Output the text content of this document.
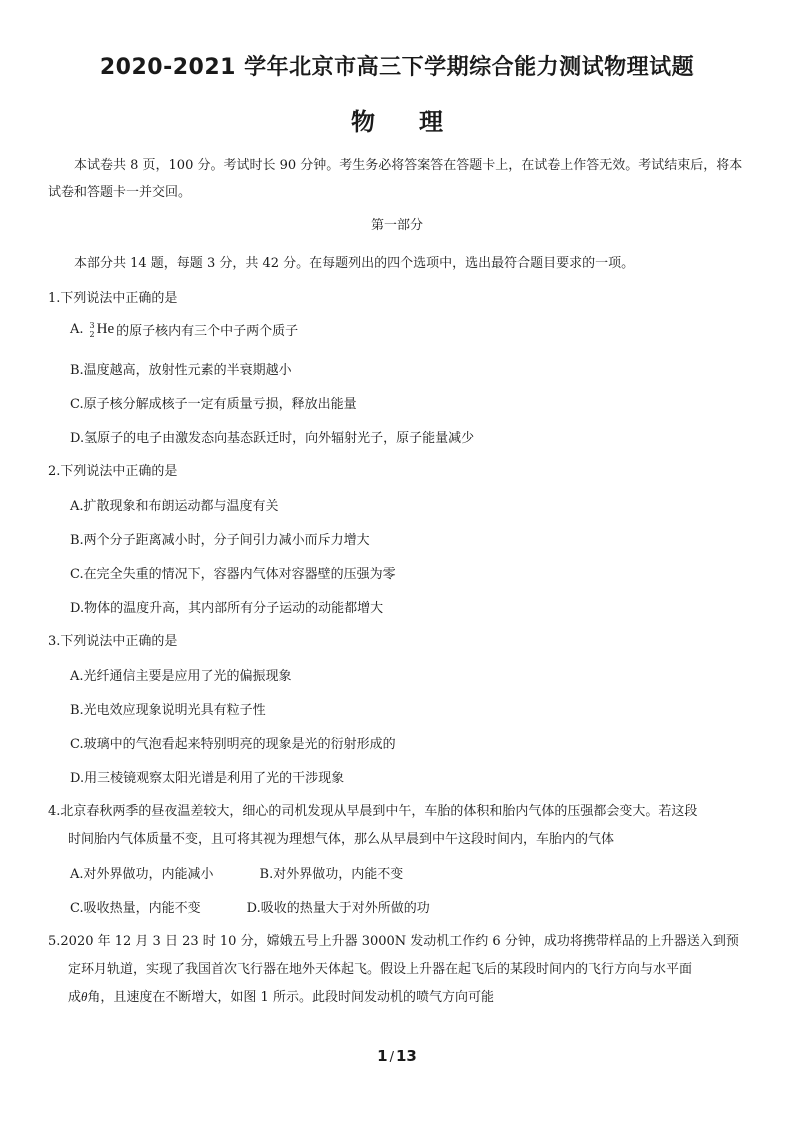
2020-2021 学年北京市高三下学期综合能力测试物理试题
物 理
本试卷共 8 页，100 分。考试时长 90 分钟。考生务必将答案答在答题卡上，在试卷上作答无效。考试结束后，将本试卷和答题卡一并交回。
第一部分
本部分共 14 题，每题 3 分，共 42 分。在每题列出的四个选项中，选出最符合题目要求的一项。
1.下列说法中正确的是
A. 3
2 He 的原子核内有三个中子两个质子
B.温度越高，放射性元素的半衰期越小
C.原子核分解成核子一定有质量亏损，释放出能量
D.氢原子的电子由激发态向基态跃迁时，向外辐射光子，原子能量减少
2.下列说法中正确的是
A.扩散现象和布朗运动都与温度有关
B.两个分子距离减小时，分子间引力减小而斥力增大
C.在完全失重的情况下，容器内气体对容器壁的压强为零
D.物体的温度升高，其内部所有分子运动的动能都增大
3.下列说法中正确的是
A.光纤通信主要是应用了光的偏振现象
B.光电效应现象说明光具有粒子性
C.玻璃中的气泡看起来特别明亮的现象是光的衍射形成的
D.用三棱镜观察太阳光谱是利用了光的干涉现象
4.北京春秋两季的昼夜温差较大，细心的司机发现从早晨到中午，车胎的体积和胎内气体的压强都会变大。若这段
时间胎内气体质量不变，且可将其视为理想气体，那么从早晨到中午这段时间内，车胎内的气体
A.对外界做功，内能减小	B.对外界做功，内能不变
C.吸收热量，内能不变	D.吸收的热量大于对外所做的功
5.2020 年 12 月 3 日 23 时 10 分，嫦娥五号上升器 3000N 发动机工作约 6 分钟，成功将携带样品的上升器送入到预
定环月轨道，实现了我国首次飞行器在地外天体起飞。假设上升器在起飞后的某段时间内的飞行方向与水平面
成θ角，且速度在不断增大，如图 1 所示。此段时间发动机的喷气方向可能
1 / 13
